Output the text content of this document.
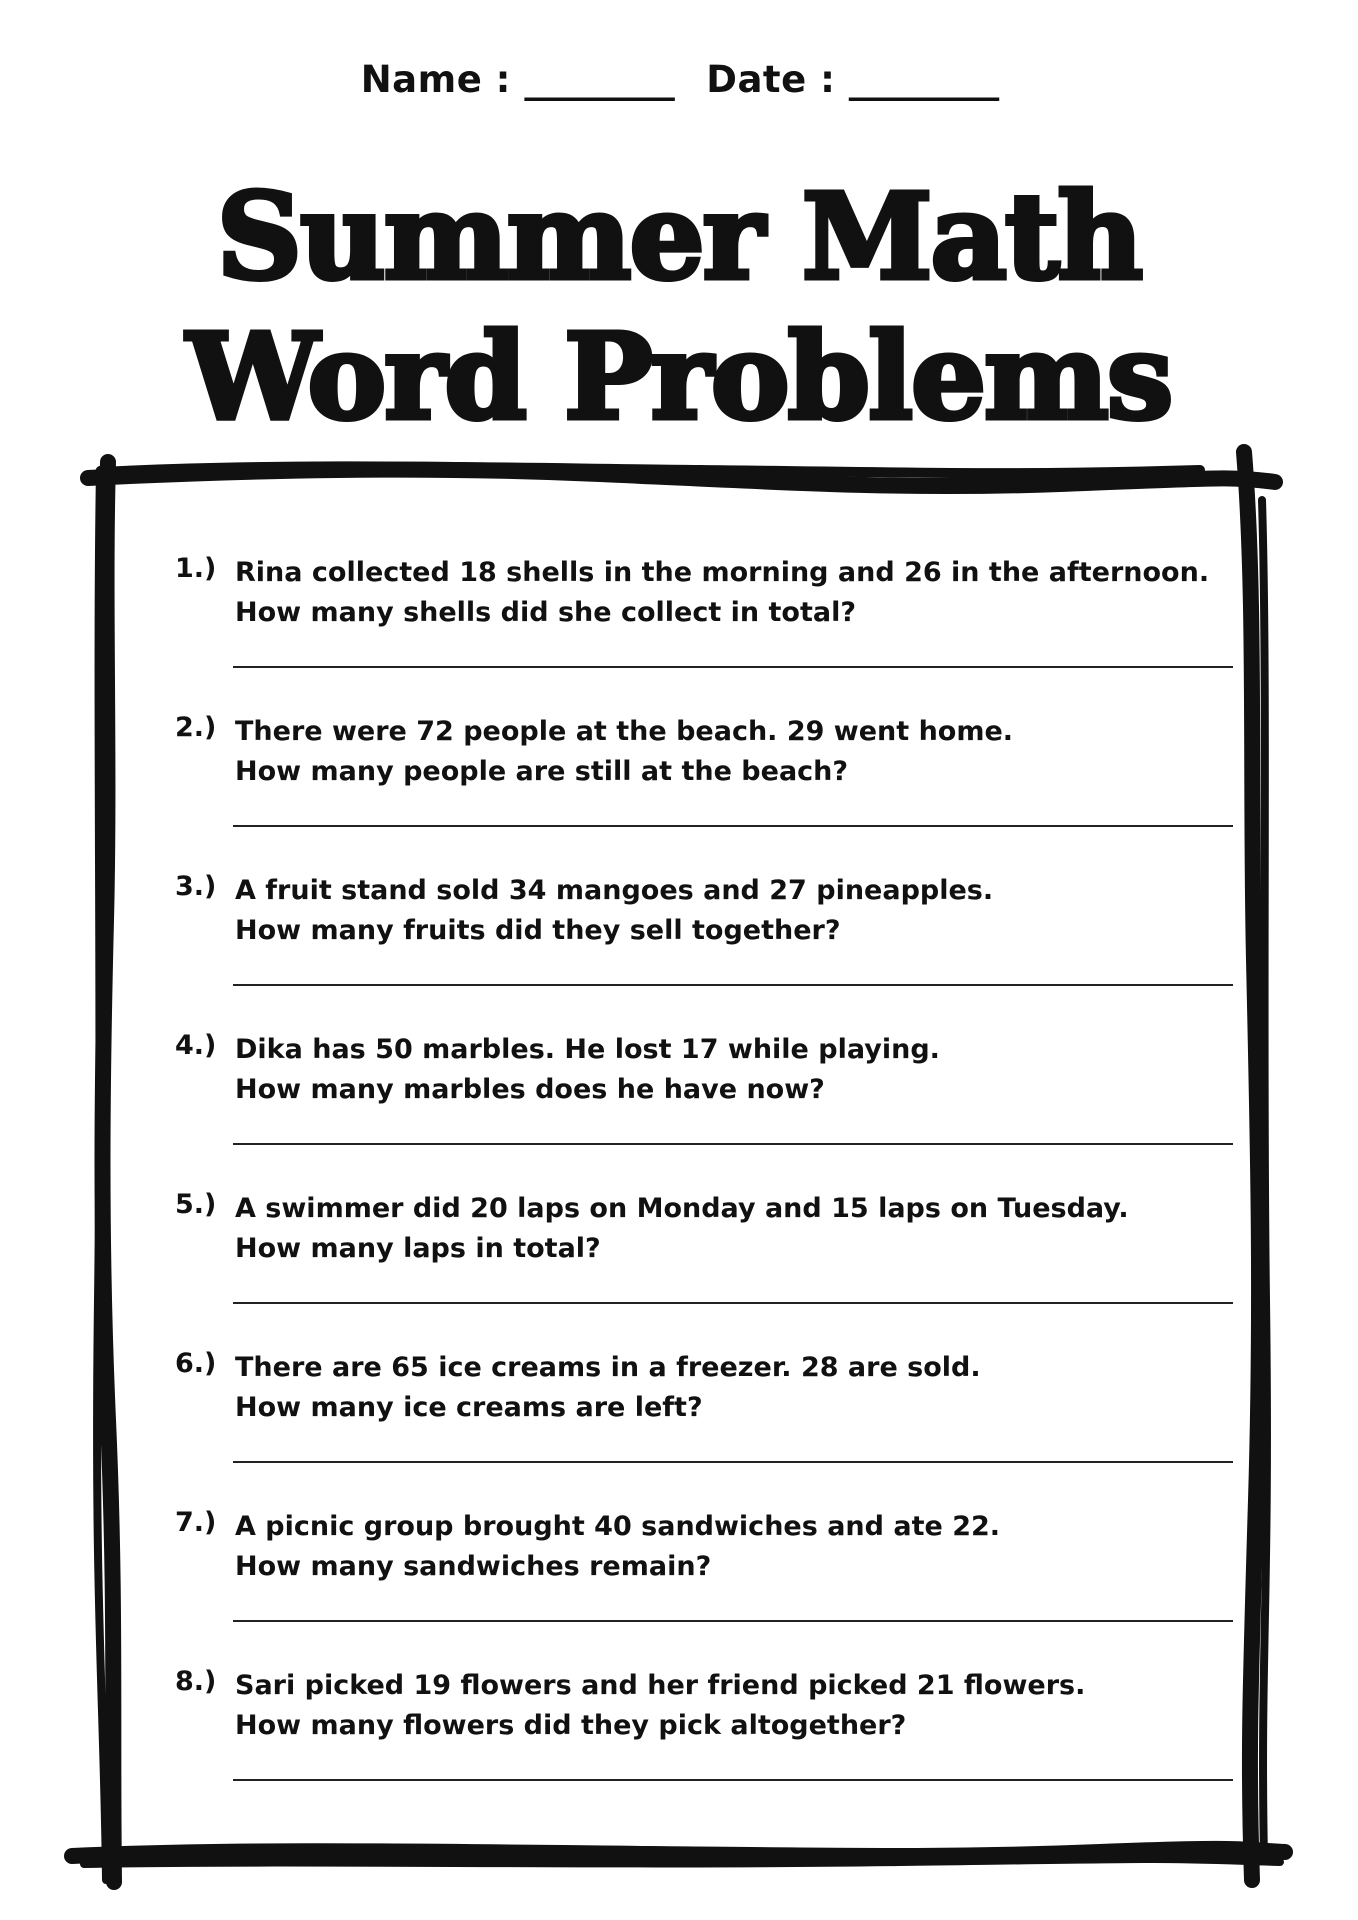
Name : _________ Date : _________
Summer Math
Word Problems
1.) Rina collected 18 shells in the morning and 26 in the afternoon.
How many shells did she collect in total?
2.) There were 72 people at the beach. 29 went home.
How many people are still at the beach?
3.) A fruit stand sold 34 mangoes and 27 pineapples.
How many fruits did they sell together?
4.) Dika has 50 marbles. He lost 17 while playing.
How many marbles does he have now?
5.) A swimmer did 20 laps on Monday and 15 laps on Tuesday.
How many laps in total?
6.) There are 65 ice creams in a freezer. 28 are sold.
How many ice creams are left?
7.) A picnic group brought 40 sandwiches and ate 22.
How many sandwiches remain?
8.) Sari picked 19 flowers and her friend picked 21 flowers.
How many flowers did they pick altogether?
